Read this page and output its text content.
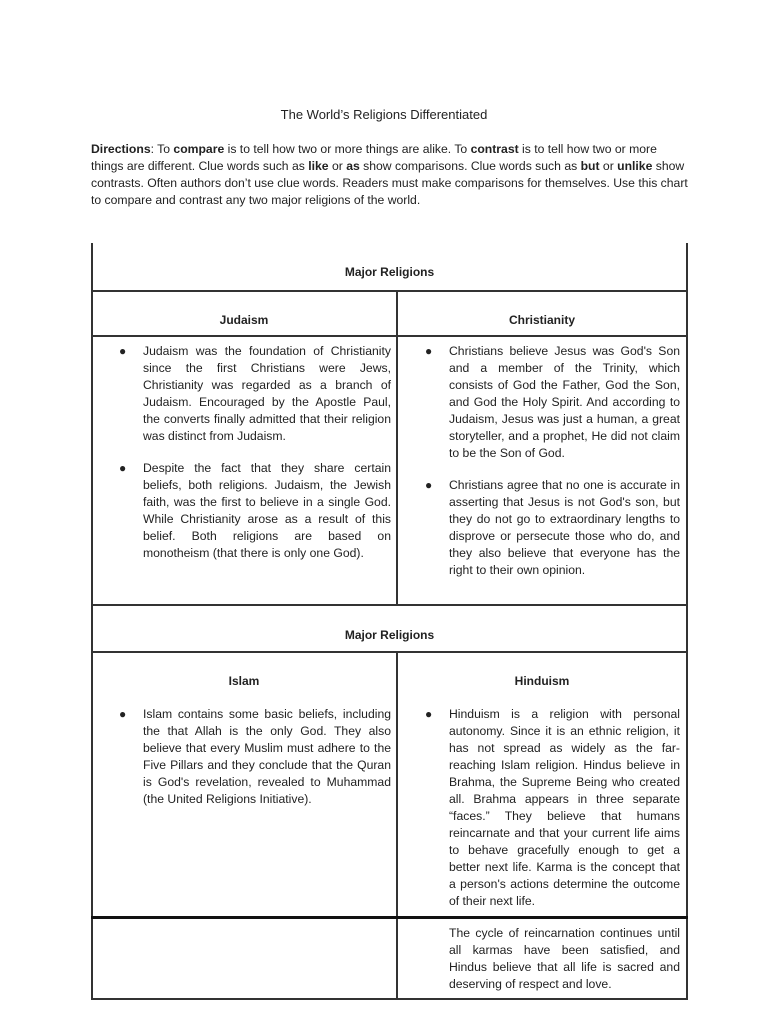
The World’s Religions Differentiated
Directions: To compare is to tell how two or more things are alike. To contrast is to tell how two or more things are different. Clue words such as like or as show comparisons. Clue words such as but or unlike show contrasts. Often authors don’t use clue words. Readers must make comparisons for themselves. Use this chart to compare and contrast any two major religions of the world.
Major Religions
Judaism	Christianity
● Judaism was the foundation of Christianity since the first Christians were Jews, Christianity was regarded as a branch of Judaism. Encouraged by the Apostle Paul, the converts finally admitted that their religion was distinct from Judaism.
● Despite the fact that they share certain beliefs, both religions. Judaism, the Jewish faith, was the first to believe in a single God. While Christianity arose as a result of this belief. Both religions are based on monotheism (that there is only one God).
● Christians believe Jesus was God's Son and a member of the Trinity, which consists of God the Father, God the Son, and God the Holy Spirit. And according to Judaism, Jesus was just a human, a great storyteller, and a prophet, He did not claim to be the Son of God.
● Christians agree that no one is accurate in asserting that Jesus is not God's son, but they do not go to extraordinary lengths to disprove or persecute those who do, and they also believe that everyone has the right to their own opinion.
Major Religions
Islam	Hinduism
● Islam contains some basic beliefs, including the that Allah is the only God. They also believe that every Muslim must adhere to the Five Pillars and they conclude that the Quran is God's revelation, revealed to Muhammad (the United Religions Initiative).
● Hinduism is a religion with personal autonomy. Since it is an ethnic religion, it has not spread as widely as the far-reaching Islam religion. Hindus believe in Brahma, the Supreme Being who created all. Brahma appears in three separate “faces.” They believe that humans reincarnate and that your current life aims to behave gracefully enough to get a better next life. Karma is the concept that a person's actions determine the outcome of their next life.
The cycle of reincarnation continues until all karmas have been satisfied, and Hindus believe that all life is sacred and deserving of respect and love.
